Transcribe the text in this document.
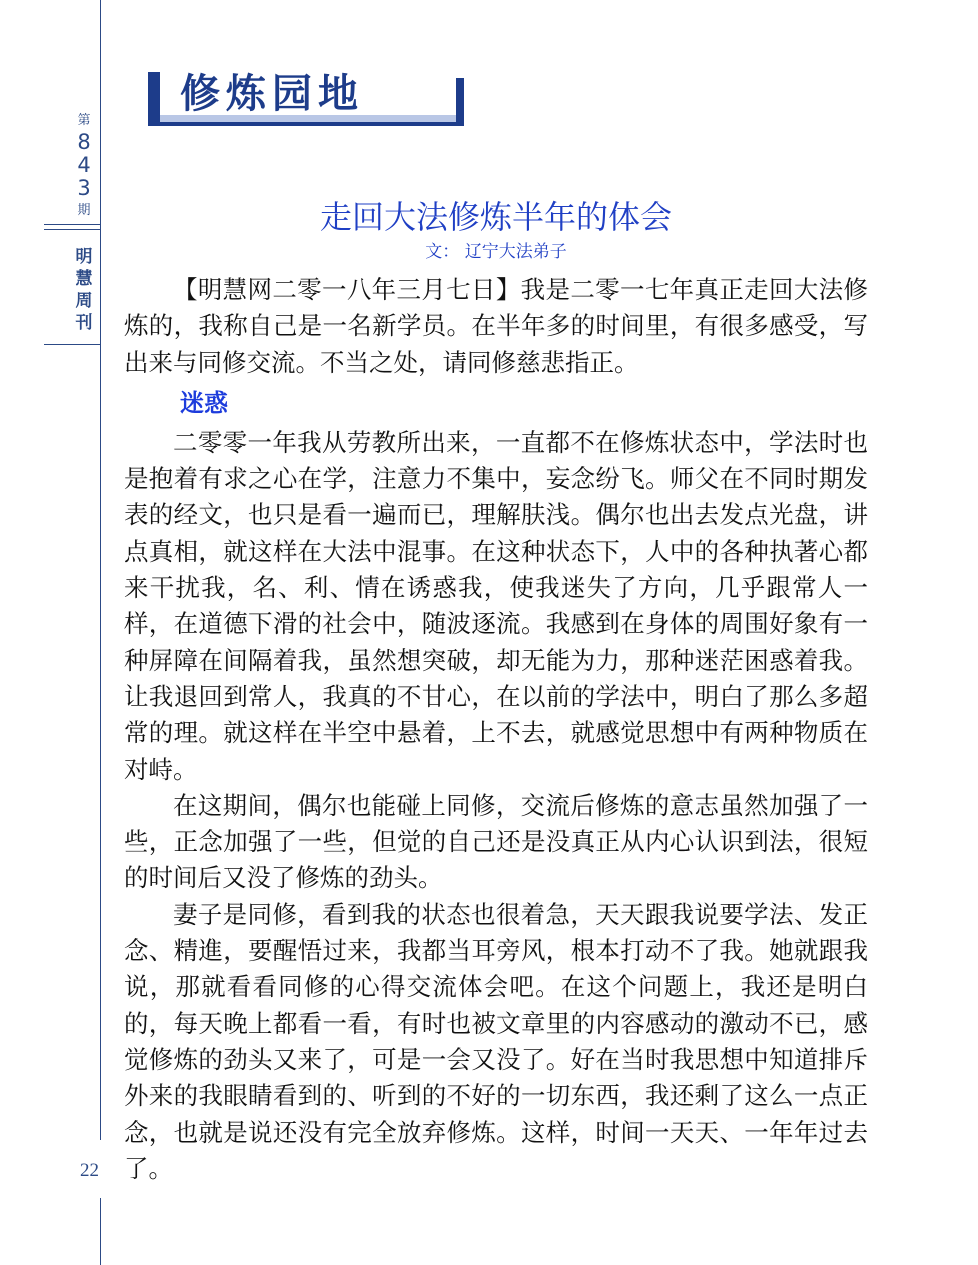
第
8
4
3
期
明
慧
周
刊
22
修炼园地
走回大法修炼半年的体会
文： 辽宁大法弟子

【明慧网二零一八年三月七日】我是二零一七年真正走回大法修炼的，我称自己是一名新学员。在半年多的时间里，有很多感受，写出来与同修交流。不当之处，请同修慈悲指正。

迷惑

二零零一年我从劳教所出来，一直都不在修炼状态中，学法时也是抱着有求之心在学，注意力不集中，妄念纷飞。师父在不同时期发表的经文，也只是看一遍而已，理解肤浅。偶尔也出去发点光盘，讲点真相，就这样在大法中混事。在这种状态下，人中的各种执著心都来干扰我，名、利、情在诱惑我，使我迷失了方向，几乎跟常人一样，在道德下滑的社会中，随波逐流。我感到在身体的周围好象有一种屏障在间隔着我，虽然想突破，却无能为力，那种迷茫困惑着我。让我退回到常人，我真的不甘心，在以前的学法中，明白了那么多超常的理。就这样在半空中悬着，上不去，就感觉思想中有两种物质在对峙。

在这期间，偶尔也能碰上同修，交流后修炼的意志虽然加强了一些，正念加强了一些，但觉的自己还是没真正从内心认识到法，很短的时间后又没了修炼的劲头。

妻子是同修，看到我的状态也很着急，天天跟我说要学法、发正念、精進，要醒悟过来，我都当耳旁风，根本打动不了我。她就跟我说，那就看看同修的心得交流体会吧。在这个问题上，我还是明白的，每天晚上都看一看，有时也被文章里的内容感动的激动不已，感觉修炼的劲头又来了，可是一会又没了。好在当时我思想中知道排斥外来的我眼睛看到的、听到的不好的一切东西，我还剩了这么一点正念，也就是说还没有完全放弃修炼。这样，时间一天天、一年年过去了。
